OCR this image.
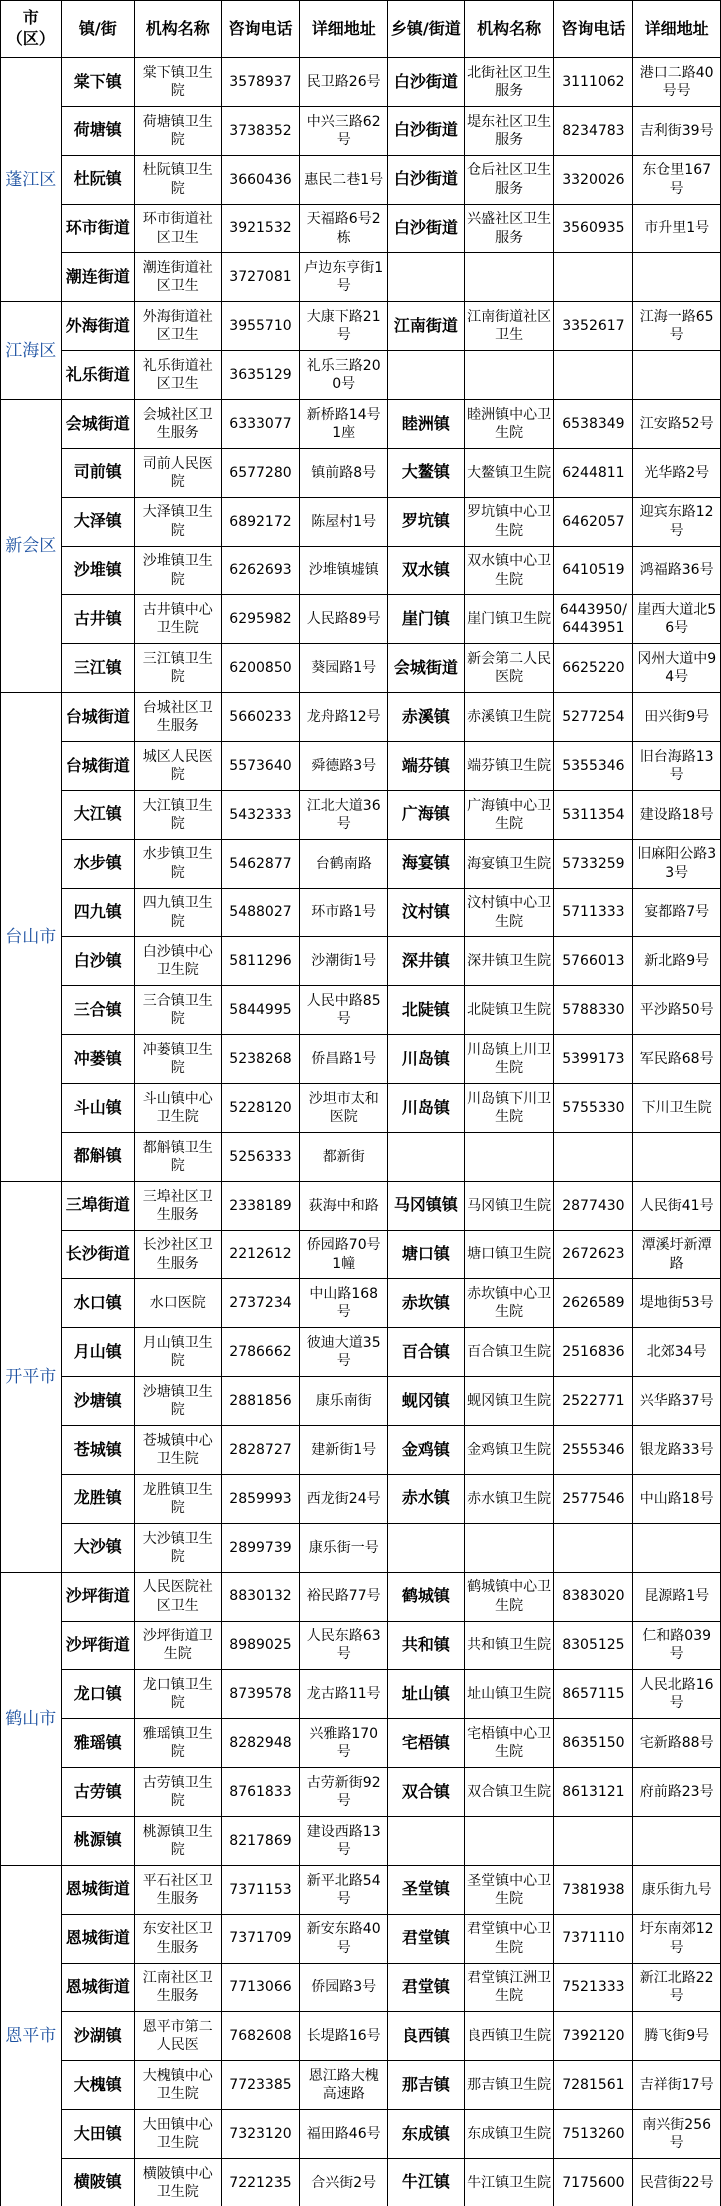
市（区）	镇/街	机构名称	咨询电话	详细地址	乡镇/街道	机构名称	咨询电话	详细地址
蓬江区	棠下镇	棠下镇卫生院	3578937	民卫路26号	白沙街道	北街社区卫生服务	3111062	港口二路40号号
	荷塘镇	荷塘镇卫生院	3738352	中兴三路62号	白沙街道	堤东社区卫生服务	8234783	吉利街39号
	杜阮镇	杜阮镇卫生院	3660436	惠民二巷1号	白沙街道	仓后社区卫生服务	3320026	东仓里167号
	环市街道	环市街道社区卫生	3921532	天福路6号2栋	白沙街道	兴盛社区卫生服务	3560935	市升里1号
	潮连街道	潮连街道社区卫生	3727081	卢边东亨街1号				
江海区	外海街道	外海街道社区卫生	3955710	大康下路21号	江南街道	江南街道社区卫生	3352617	江海一路65号
	礼乐街道	礼乐街道社区卫生	3635129	礼乐三路200号				
新会区	会城街道	会城社区卫生服务	6333077	新桥路14号1座	睦洲镇	睦洲镇中心卫生院	6538349	江安路52号
	司前镇	司前人民医院	6577280	镇前路8号	大鳌镇	大鳌镇卫生院	6244811	光华路2号
	大泽镇	大泽镇卫生院	6892172	陈屋村1号	罗坑镇	罗坑镇中心卫生院	6462057	迎宾东路12号
	沙堆镇	沙堆镇卫生院	6262693	沙堆镇墟镇	双水镇	双水镇中心卫生院	6410519	鸿福路36号
	古井镇	古井镇中心卫生院	6295982	人民路89号	崖门镇	崖门镇卫生院	6443950/6443951	崖西大道北56号
	三江镇	三江镇卫生院	6200850	葵园路1号	会城街道	新会第二人民医院	6625220	冈州大道中94号
台山市	台城街道	台城社区卫生服务	5660233	龙舟路12号	赤溪镇	赤溪镇卫生院	5277254	田兴街9号
	台城街道	城区人民医院	5573640	舜德路3号	端芬镇	端芬镇卫生院	5355346	旧台海路13号
	大江镇	大江镇卫生院	5432333	江北大道36号	广海镇	广海镇中心卫生院	5311354	建设路18号
	水步镇	水步镇卫生院	5462877	台鹤南路	海宴镇	海宴镇卫生院	5733259	旧麻阳公路33号
	四九镇	四九镇卫生院	5488027	环市路1号	汶村镇	汶村镇中心卫生院	5711333	宴都路7号
	白沙镇	白沙镇中心卫生院	5811296	沙潮街1号	深井镇	深井镇卫生院	5766013	新北路9号
	三合镇	三合镇卫生院	5844995	人民中路85号	北陡镇	北陡镇卫生院	5788330	平沙路50号
	冲蒌镇	冲蒌镇卫生院	5238268	侨昌路1号	川岛镇	川岛镇上川卫生院	5399173	军民路68号
	斗山镇	斗山镇中心卫生院	5228120	沙坦市太和医院	川岛镇	川岛镇下川卫生院	5755330	下川卫生院
	都斛镇	都斛镇卫生院	5256333	都新街				
开平市	三埠街道	三埠社区卫生服务	2338189	荻海中和路	马冈镇镇	马冈镇卫生院	2877430	人民街41号
	长沙街道	长沙社区卫生服务	2212612	侨园路70号1幢	塘口镇	塘口镇卫生院	2672623	潭溪圩新潭路
	水口镇	水口医院	2737234	中山路168号	赤坎镇	赤坎镇中心卫生院	2626589	堤地街53号
	月山镇	月山镇卫生院	2786662	彼迪大道35号	百合镇	百合镇卫生院	2516836	北郊34号
	沙塘镇	沙塘镇卫生院	2881856	康乐南街	蚬冈镇	蚬冈镇卫生院	2522771	兴华路37号
	苍城镇	苍城镇中心卫生院	2828727	建新街1号	金鸡镇	金鸡镇卫生院	2555346	银龙路33号
	龙胜镇	龙胜镇卫生院	2859993	西龙街24号	赤水镇	赤水镇卫生院	2577546	中山路18号
	大沙镇	大沙镇卫生院	2899739	康乐街一号				
鹤山市	沙坪街道	人民医院社区卫生	8830132	裕民路77号	鹤城镇	鹤城镇中心卫生院	8383020	昆源路1号
	沙坪街道	沙坪街道卫生院	8989025	人民东路63号	共和镇	共和镇卫生院	8305125	仁和路039号
	龙口镇	龙口镇卫生院	8739578	龙古路11号	址山镇	址山镇卫生院	8657115	人民北路16号
	雅瑶镇	雅瑶镇卫生院	8282948	兴雅路170号	宅梧镇	宅梧镇中心卫生院	8635150	宅新路88号
	古劳镇	古劳镇卫生院	8761833	古劳新街92号	双合镇	双合镇卫生院	8613121	府前路23号
	桃源镇	桃源镇卫生院	8217869	建设西路13号				
恩平市	恩城街道	平石社区卫生服务	7371153	新平北路54号	圣堂镇	圣堂镇中心卫生院	7381938	康乐街九号
	恩城街道	东安社区卫生服务	7371709	新安东路40号	君堂镇	君堂镇中心卫生院	7371110	圩东南郊12号
	恩城街道	江南社区卫生服务	7713066	侨园路3号	君堂镇	君堂镇江洲卫生院	7521333	新江北路22号
	沙湖镇	恩平市第二人民医	7682608	长堤路16号	良西镇	良西镇卫生院	7392120	腾飞街9号
	大槐镇	大槐镇中心卫生院	7723385	恩江路大槐高速路	那吉镇	那吉镇卫生院	7281561	吉祥街17号
	大田镇	大田镇中心卫生院	7323120	福田路46号	东成镇	东成镇卫生院	7513260	南兴街256号
	横陂镇	横陂镇中心卫生院	7221235	合兴街2号	牛江镇	牛江镇卫生院	7175600	民营街22号
